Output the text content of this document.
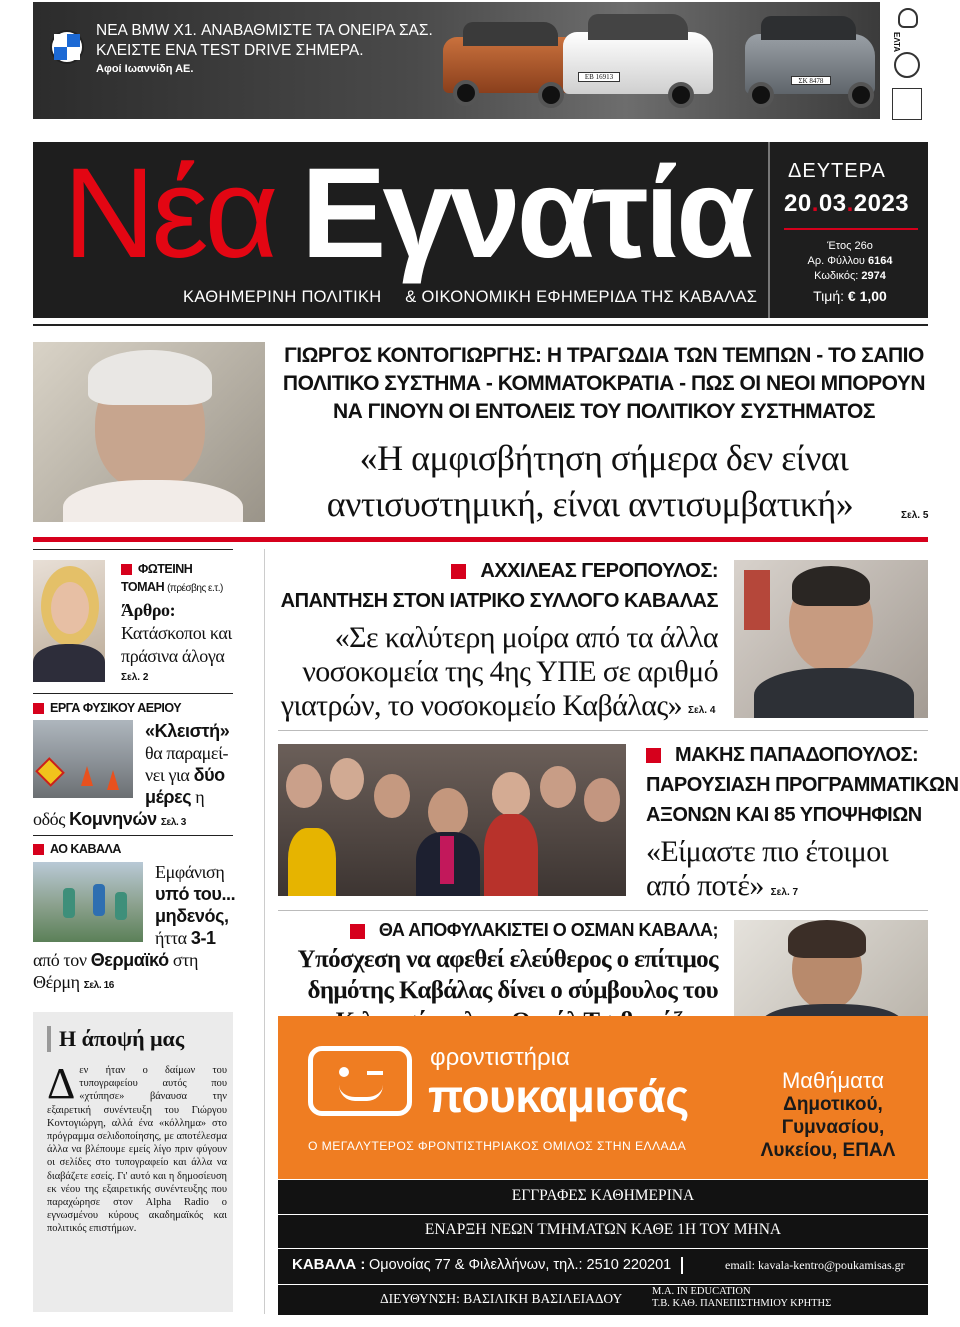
ΝΕΑ BMW X1. ΑΝΑΒΑΘΜΙΣΤΕ ΤΑ ΟΝΕΙΡΑ ΣΑΣ.
ΚΛΕΙΣΤΕ ΕΝΑ TEST DRIVE ΣΗΜΕΡΑ.
Αφοί Ιωαννίδη ΑΕ.
ΕΒ 16913	ΣΚ 8478
ΕΛΤΑ
Νέα Εγνατία
ΚΑΘΗΜΕΡΙΝΗ ΠΟΛΙΤΙΚΗ & ΟΙΚΟΝΟΜΙΚΗ ΕΦΗΜΕΡΙΔΑ ΤΗΣ ΚΑΒΑΛΑΣ
ΔΕΥΤΕΡΑ
20.03.2023
Έτος 26ο
Αρ. Φύλλου 6164
Κωδικός: 2974
Τιμή: € 1,00
ΓΙΩΡΓΟΣ ΚΟΝΤΟΓΙΩΡΓΗΣ: Η ΤΡΑΓΩΔΙΑ ΤΩΝ ΤΕΜΠΩΝ - ΤΟ ΣΑΠΙΟ
ΠΟΛΙΤΙΚΟ ΣΥΣΤΗΜΑ - ΚΟΜΜΑΤΟΚΡΑΤΙΑ - ΠΩΣ ΟΙ ΝΕΟΙ ΜΠΟΡΟΥΝ
ΝΑ ΓΙΝΟΥΝ ΟΙ ΕΝΤΟΛΕΙΣ ΤΟΥ ΠΟΛΙΤΙΚΟΥ ΣΥΣΤΗΜΑΤΟΣ
«Η αμφισβήτηση σήμερα δεν είναι
αντισυστημική, είναι αντισυμβατική»	Σελ. 5
ΦΩΤΕΙΝΗ
ΤΟΜΑΗ (πρέσβης ε.τ.)
Άρθρο:
Κατάσκοποι και
πράσινα άλογα
Σελ. 2
ΕΡΓΑ ΦΥΣΙΚΟΥ ΑΕΡΙΟΥ
«Κλειστή»
θα παραμεί-
νει για δύο
μέρες η
οδός Κομνηνών Σελ. 3
ΑΟ ΚΑΒΑΛΑ
Εμφάνιση
υπό του...
μηδενός,
ήττα 3-1
από τον Θερμαϊκό στη
Θέρμη Σελ. 16
Η άποψή μας
Δεν ήταν ο δαίμων του τυπογραφείου αυτός που «χτύπησε» βάναυσα την εξαιρετική συνέντευξη του Γιώργου Κοντογιώργη, αλλά ένα «κόλλημα» στο πρόγραμμα σελιδοποίησης, με αποτέλεσμα άλλα να βλέπουμε εμείς λίγο πριν φύγουν οι σελίδες στο τυπογραφείο και άλλα να διαβάζετε εσείς. Γι' αυτό και η δημοσίευση εκ νέου της εξαιρετικής συνέντευξης που παραχώρησε στον Alpha Radio ο εγνωσμένου κύρους ακαδημαϊκός και πολιτικός επιστήμων.
ΑΧΧΙΛΕΑΣ ΓΕΡΟΠΟΥΛΟΣ:
ΑΠΑΝΤΗΣΗ ΣΤΟΝ ΙΑΤΡΙΚΟ ΣΥΛΛΟΓΟ ΚΑΒΑΛΑΣ
«Σε καλύτερη μοίρα από τα άλλα
νοσοκομεία της 4ης ΥΠΕ σε αριθμό
γιατρών, το νοσοκομείο Καβάλας» Σελ. 4
ΜΑΚΗΣ ΠΑΠΑΔΟΠΟΥΛΟΣ:
ΠΑΡΟΥΣΙΑΣΗ ΠΡΟΓΡΑΜΜΑΤΙΚΩΝ
ΑΞΟΝΩΝ ΚΑΙ 85 ΥΠΟΨΗΦΙΩΝ
«Είμαστε πιο έτοιμοι
από ποτέ» Σελ. 7
ΘΑ ΑΠΟΦΥΛΑΚΙΣΤΕΙ Ο ΟΣΜΑΝ ΚΑΒΑΛΑ;
Υπόσχεση να αφεθεί ελεύθερος ο επίτιμος
δημότης Καβάλας δίνει ο σύμβουλος του
φροντιστήρια
πουκαμισάς
Ο ΜΕΓΑΛΥΤΕΡΟΣ ΦΡΟΝΤΙΣΤΗΡΙΑΚΟΣ ΟΜΙΛΟΣ ΣΤΗΝ ΕΛΛΑΔΑ
Μαθήματα
Δημοτικού,
Γυμνασίου,
Λυκείου, ΕΠΑΛ
ΕΓΓΡΑΦΕΣ ΚΑΘΗΜΕΡΙΝΑ
ΕΝΑΡΞΗ ΝΕΩΝ ΤΜΗΜΑΤΩΝ ΚΑΘΕ 1Η ΤΟΥ ΜΗΝΑ
ΚΑΒΑΛΑ : Ομονοίας 77 & Φιλελλήνων, τηλ.: 2510 220201	email: kavala-kentro@poukamisas.gr
ΔΙΕΥΘΥΝΣΗ: ΒΑΣΙΛΙΚΗ ΒΑΣΙΛΕΙΑΔΟΥ	M.A. IN EDUCATION
Τ.Β. ΚΑΘ. ΠΑΝΕΠΙΣΤΗΜΙΟΥ ΚΡΗΤΗΣ
